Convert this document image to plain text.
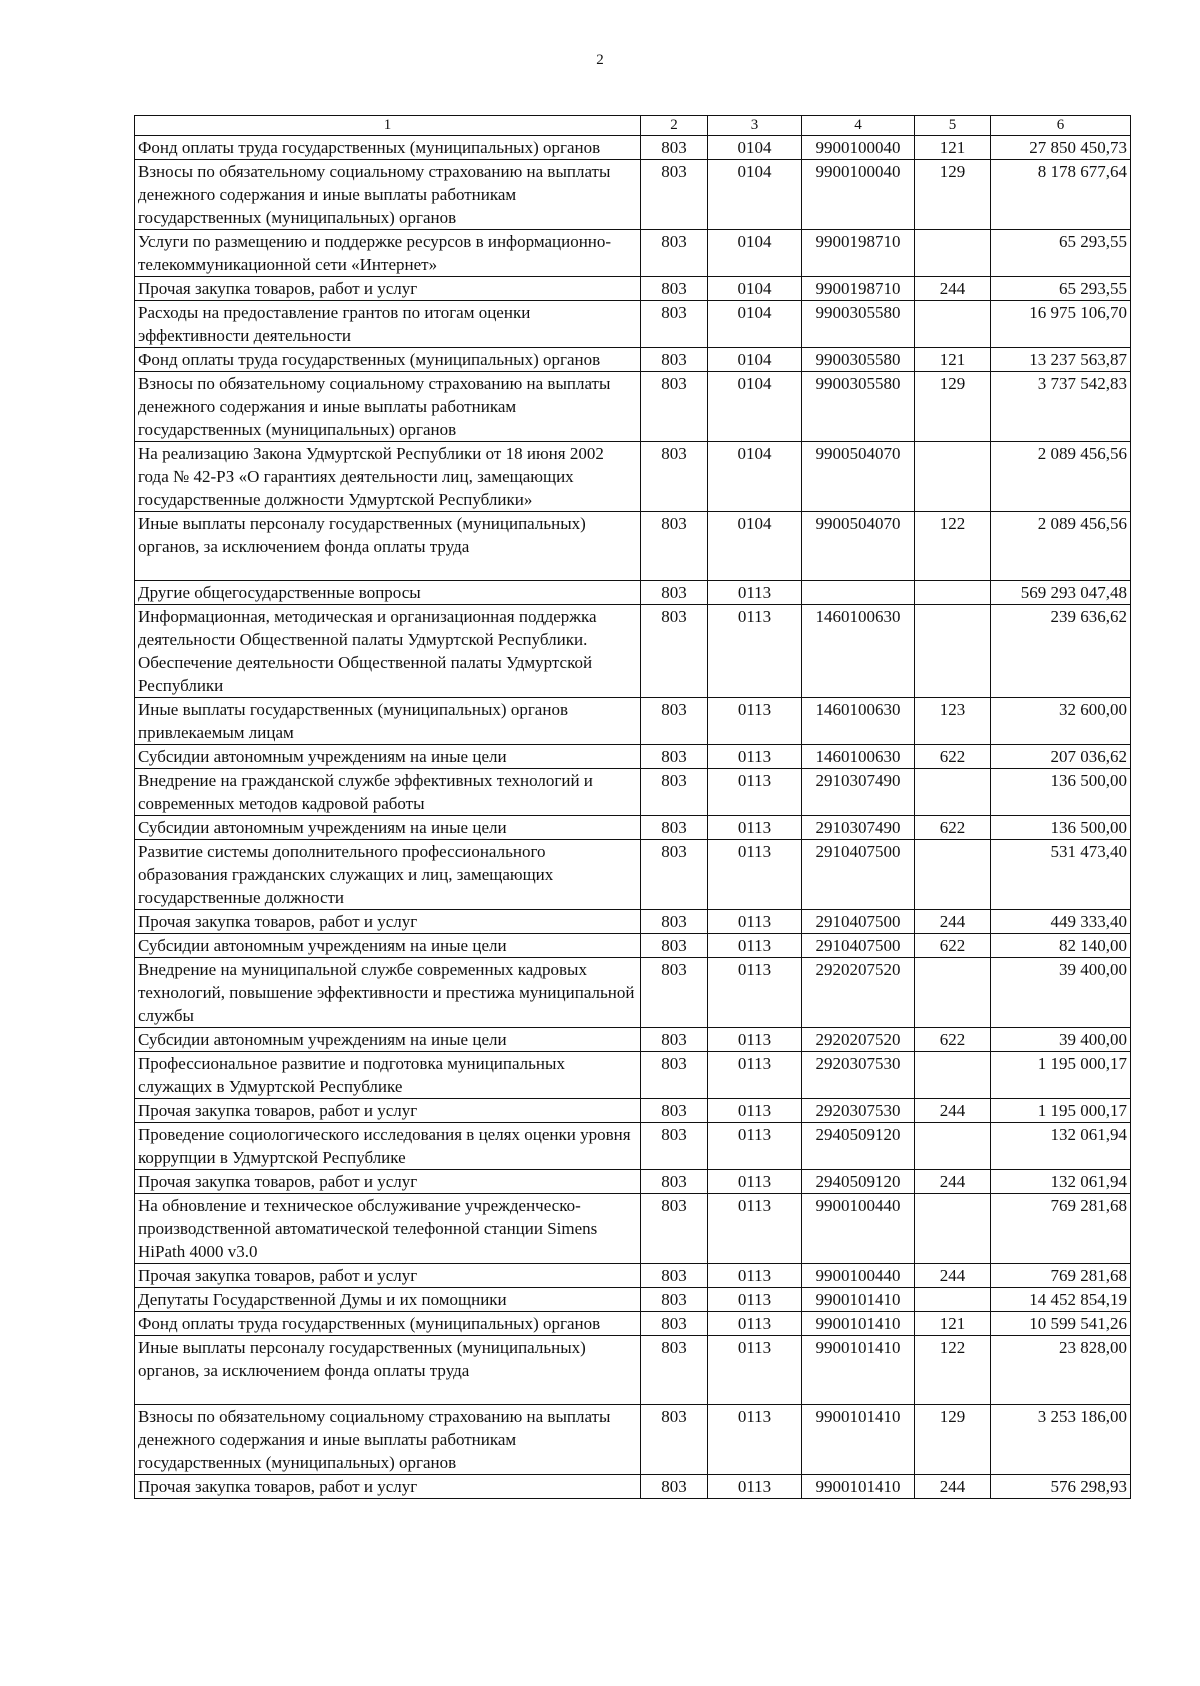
2
1	2	3	4	5	6
Фонд оплаты труда государственных (муниципальных) органов	803	0104	9900100040	121	27 850 450,73
Взносы по обязательному социальному страхованию на выплаты денежного содержания и иные выплаты работникам государственных (муниципальных) органов	803	0104	9900100040	129	8 178 677,64
Услуги по размещению и поддержке ресурсов в информационно-телекоммуникационной сети «Интернет»	803	0104	9900198710		65 293,55
Прочая закупка товаров, работ и услуг	803	0104	9900198710	244	65 293,55
Расходы на предоставление грантов по итогам оценки эффективности деятельности	803	0104	9900305580		16 975 106,70
Фонд оплаты труда государственных (муниципальных) органов	803	0104	9900305580	121	13 237 563,87
Взносы по обязательному социальному страхованию на выплаты денежного содержания и иные выплаты работникам государственных (муниципальных) органов	803	0104	9900305580	129	3 737 542,83
На реализацию Закона Удмуртской Республики от 18 июня 2002 года № 42-РЗ «О гарантиях деятельности лиц, замещающих государственные должности Удмуртской Республики»	803	0104	9900504070		2 089 456,56
Иные выплаты персоналу государственных (муниципальных) органов, за исключением фонда оплаты труда	803	0104	9900504070	122	2 089 456,56
Другие общегосударственные вопросы	803	0113			569 293 047,48
Информационная, методическая и организационная поддержка деятельности Общественной палаты Удмуртской Республики. Обеспечение деятельности Общественной палаты Удмуртской Республики	803	0113	1460100630		239 636,62
Иные выплаты государственных (муниципальных) органов привлекаемым лицам	803	0113	1460100630	123	32 600,00
Субсидии автономным учреждениям на иные цели	803	0113	1460100630	622	207 036,62
Внедрение на гражданской службе эффективных технологий и современных методов кадровой работы	803	0113	2910307490		136 500,00
Субсидии автономным учреждениям на иные цели	803	0113	2910307490	622	136 500,00
Развитие системы дополнительного профессионального образования гражданских служащих и лиц, замещающих государственные должности	803	0113	2910407500		531 473,40
Прочая закупка товаров, работ и услуг	803	0113	2910407500	244	449 333,40
Субсидии автономным учреждениям на иные цели	803	0113	2910407500	622	82 140,00
Внедрение на муниципальной службе современных кадровых технологий, повышение эффективности и престижа муниципальной службы	803	0113	2920207520		39 400,00
Субсидии автономным учреждениям на иные цели	803	0113	2920207520	622	39 400,00
Профессиональное развитие и подготовка муниципальных служащих в Удмуртской Республике	803	0113	2920307530		1 195 000,17
Прочая закупка товаров, работ и услуг	803	0113	2920307530	244	1 195 000,17
Проведение социологического исследования в целях оценки уровня коррупции в Удмуртской Республике	803	0113	2940509120		132 061,94
Прочая закупка товаров, работ и услуг	803	0113	2940509120	244	132 061,94
На обновление и техническое обслуживание учрежденческо-производственной автоматической телефонной станции Simens HiPath 4000 v3.0	803	0113	9900100440		769 281,68
Прочая закупка товаров, работ и услуг	803	0113	9900100440	244	769 281,68
Депутаты Государственной Думы и их помощники	803	0113	9900101410		14 452 854,19
Фонд оплаты труда государственных (муниципальных) органов	803	0113	9900101410	121	10 599 541,26
Иные выплаты персоналу государственных (муниципальных) органов, за исключением фонда оплаты труда	803	0113	9900101410	122	23 828,00
Взносы по обязательному социальному страхованию на выплаты денежного содержания и иные выплаты работникам государственных (муниципальных) органов	803	0113	9900101410	129	3 253 186,00
Прочая закупка товаров, работ и услуг	803	0113	9900101410	244	576 298,93
